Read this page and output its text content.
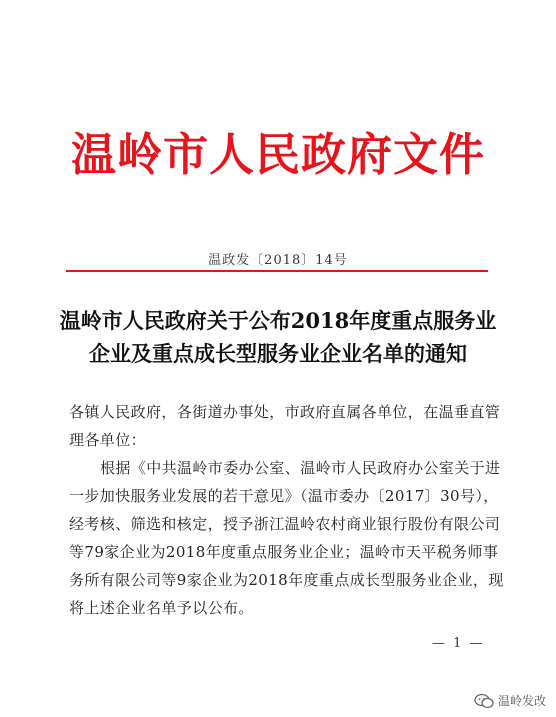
温岭市人民政府文件
温政发〔2018〕14号
温岭市人民政府关于公布2018年度重点服务业
企业及重点成长型服务业企业名单的通知
各镇人民政府，各街道办事处，市政府直属各单位，在温垂直管理各单位：
根据《中共温岭市委办公室、温岭市人民政府办公室关于进一步加快服务业发展的若干意见》（温市委办〔2017〕30号），经考核、筛选和核定，授予浙江温岭农村商业银行股份有限公司等79家企业为2018年度重点服务业企业；温岭市天平税务师事务所有限公司等9家企业为2018年度重点成长型服务业企业，现将上述企业名单予以公布。
— 1 —
温岭发改
